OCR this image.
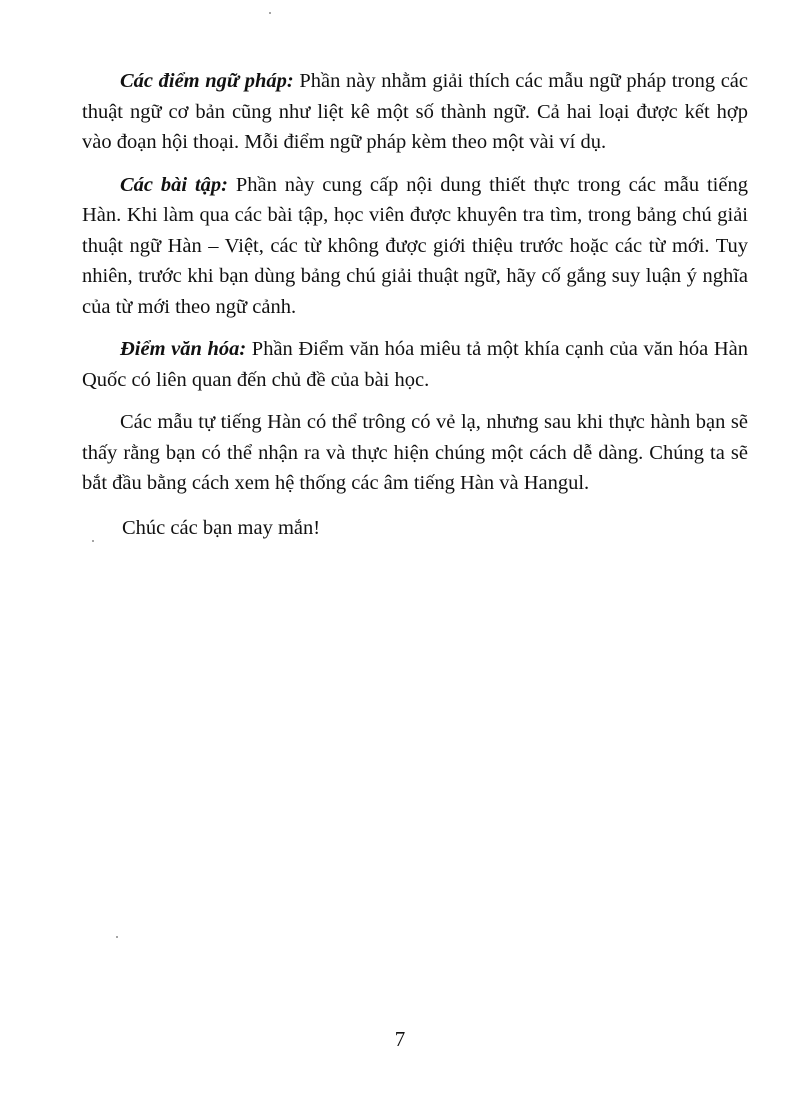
Các điểm ngữ pháp: Phần này nhằm giải thích các mẫu ngữ pháp trong các thuật ngữ cơ bản cũng như liệt kê một số thành ngữ. Cả hai loại được kết hợp vào đoạn hội thoại. Mỗi điểm ngữ pháp kèm theo một vài ví dụ.

Các bài tập: Phần này cung cấp nội dung thiết thực trong các mẫu tiếng Hàn. Khi làm qua các bài tập, học viên được khuyên tra tìm, trong bảng chú giải thuật ngữ Hàn – Việt, các từ không được giới thiệu trước hoặc các từ mới. Tuy nhiên, trước khi bạn dùng bảng chú giải thuật ngữ, hãy cố gắng suy luận ý nghĩa của từ mới theo ngữ cảnh.

Điểm văn hóa: Phần Điểm văn hóa miêu tả một khía cạnh của văn hóa Hàn Quốc có liên quan đến chủ đề của bài học.

Các mẫu tự tiếng Hàn có thể trông có vẻ lạ, nhưng sau khi thực hành bạn sẽ thấy rằng bạn có thể nhận ra và thực hiện chúng một cách dễ dàng. Chúng ta sẽ bắt đầu bằng cách xem hệ thống các âm tiếng Hàn và Hangul.

Chúc các bạn may mắn!

7
